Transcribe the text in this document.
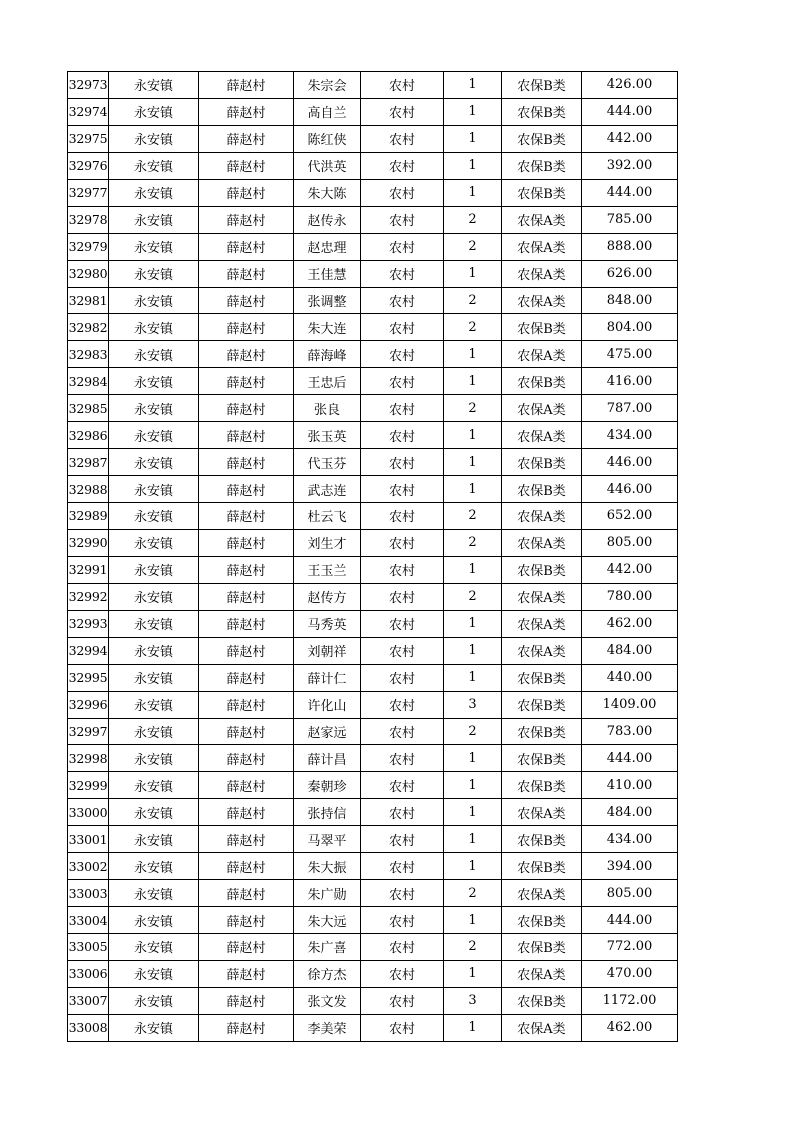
32973	永安镇	薛赵村	朱宗会	农村	1	农保B类	426.00
32974	永安镇	薛赵村	高自兰	农村	1	农保B类	444.00
32975	永安镇	薛赵村	陈红侠	农村	1	农保B类	442.00
32976	永安镇	薛赵村	代洪英	农村	1	农保B类	392.00
32977	永安镇	薛赵村	朱大陈	农村	1	农保B类	444.00
32978	永安镇	薛赵村	赵传永	农村	2	农保A类	785.00
32979	永安镇	薛赵村	赵忠理	农村	2	农保A类	888.00
32980	永安镇	薛赵村	王佳慧	农村	1	农保A类	626.00
32981	永安镇	薛赵村	张调整	农村	2	农保A类	848.00
32982	永安镇	薛赵村	朱大连	农村	2	农保B类	804.00
32983	永安镇	薛赵村	薛海峰	农村	1	农保A类	475.00
32984	永安镇	薛赵村	王忠后	农村	1	农保B类	416.00
32985	永安镇	薛赵村	张良	农村	2	农保A类	787.00
32986	永安镇	薛赵村	张玉英	农村	1	农保A类	434.00
32987	永安镇	薛赵村	代玉芬	农村	1	农保B类	446.00
32988	永安镇	薛赵村	武志连	农村	1	农保B类	446.00
32989	永安镇	薛赵村	杜云飞	农村	2	农保A类	652.00
32990	永安镇	薛赵村	刘生才	农村	2	农保A类	805.00
32991	永安镇	薛赵村	王玉兰	农村	1	农保B类	442.00
32992	永安镇	薛赵村	赵传方	农村	2	农保A类	780.00
32993	永安镇	薛赵村	马秀英	农村	1	农保A类	462.00
32994	永安镇	薛赵村	刘朝祥	农村	1	农保A类	484.00
32995	永安镇	薛赵村	薛计仁	农村	1	农保B类	440.00
32996	永安镇	薛赵村	许化山	农村	3	农保B类	1409.00
32997	永安镇	薛赵村	赵家远	农村	2	农保B类	783.00
32998	永安镇	薛赵村	薛计昌	农村	1	农保B类	444.00
32999	永安镇	薛赵村	秦朝珍	农村	1	农保B类	410.00
33000	永安镇	薛赵村	张持信	农村	1	农保A类	484.00
33001	永安镇	薛赵村	马翠平	农村	1	农保B类	434.00
33002	永安镇	薛赵村	朱大振	农村	1	农保B类	394.00
33003	永安镇	薛赵村	朱广勋	农村	2	农保A类	805.00
33004	永安镇	薛赵村	朱大远	农村	1	农保B类	444.00
33005	永安镇	薛赵村	朱广喜	农村	2	农保B类	772.00
33006	永安镇	薛赵村	徐方杰	农村	1	农保A类	470.00
33007	永安镇	薛赵村	张文发	农村	3	农保B类	1172.00
33008	永安镇	薛赵村	李美荣	农村	1	农保A类	462.00
